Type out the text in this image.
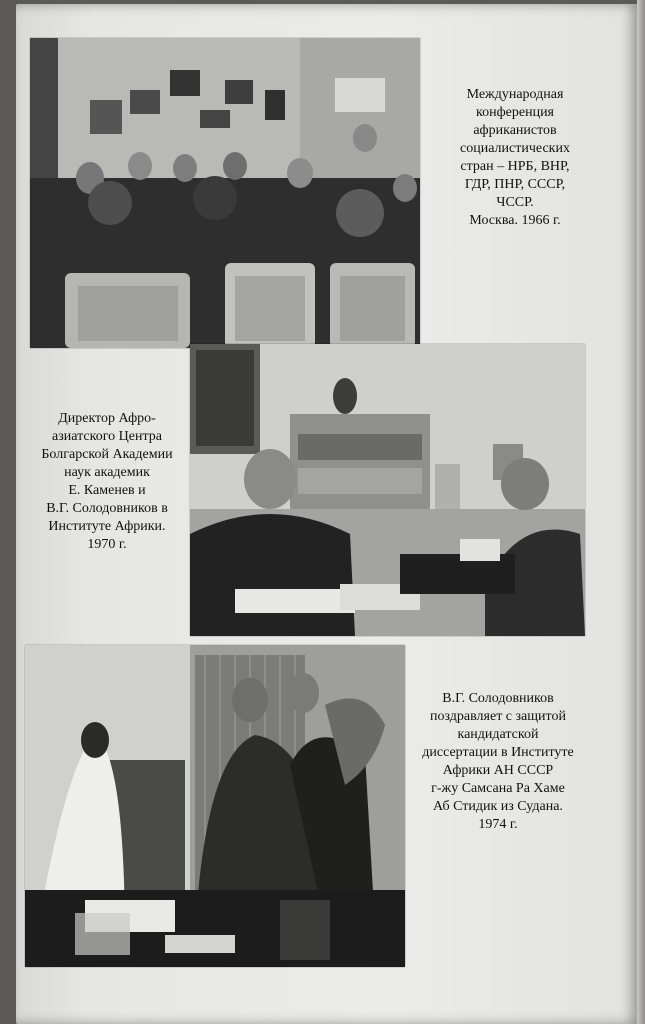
Международная
конференция
африканистов
социалистических
стран – НРБ, ВНР,
ГДР, ПНР, СССР,
ЧССР.
Москва. 1966 г.
Директор Афро-
азиатского Центра
Болгарской Академии
наук академик
Е. Каменев и
В.Г. Солодовников в
Институте Африки.
1970 г.
В.Г. Солодовников
поздравляет с защитой
кандидатской
диссертации в Институте
Африки АН СССР
г-жу Самсана Ра Хаме
Аб Стидик из Судана.
1974 г.
